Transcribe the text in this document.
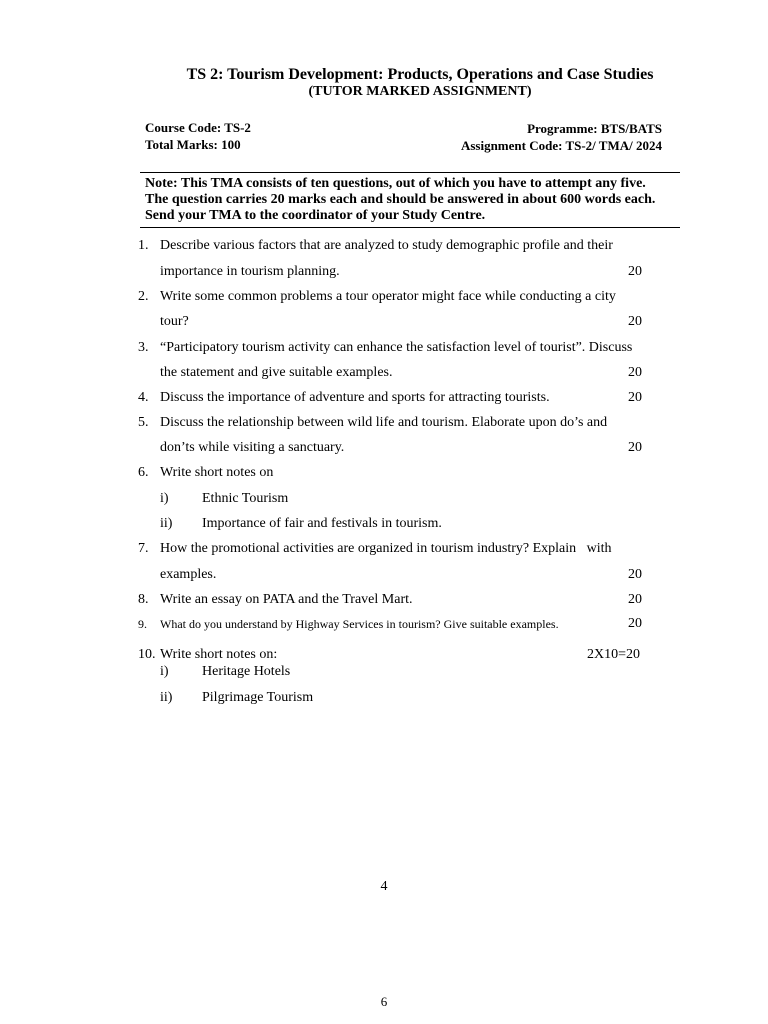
TS 2: Tourism Development: Products, Operations and Case Studies
(TUTOR MARKED ASSIGNMENT)
Course Code: TS-2
Total Marks: 100
Programme: BTS/BATS
Assignment Code: TS-2/ TMA/ 2024
Note: This TMA consists of ten questions, out of which you have to attempt any five.
The question carries 20 marks each and should be answered in about 600 words each.
Send your TMA to the coordinator of your Study Centre.
1. Describe various factors that are analyzed to study demographic profile and their
importance in tourism planning.	20
2. Write some common problems a tour operator might face while conducting a city
tour?	20
3. “Participatory tourism activity can enhance the satisfaction level of tourist”. Discuss
the statement and give suitable examples.	20
4. Discuss the importance of adventure and sports for attracting tourists.	20
5. Discuss the relationship between wild life and tourism. Elaborate upon do’s and
don’ts while visiting a sanctuary.	20
6. Write short notes on
i) Ethnic Tourism
ii) Importance of fair and festivals in tourism.
7. How the promotional activities are organized in tourism industry? Explain   with
examples.	20
8. Write an essay on PATA and the Travel Mart.	20
9. What do you understand by Highway Services in tourism? Give suitable examples.	20
10. Write short notes on:	2X10=20
i) Heritage Hotels
ii) Pilgrimage Tourism
4
6
